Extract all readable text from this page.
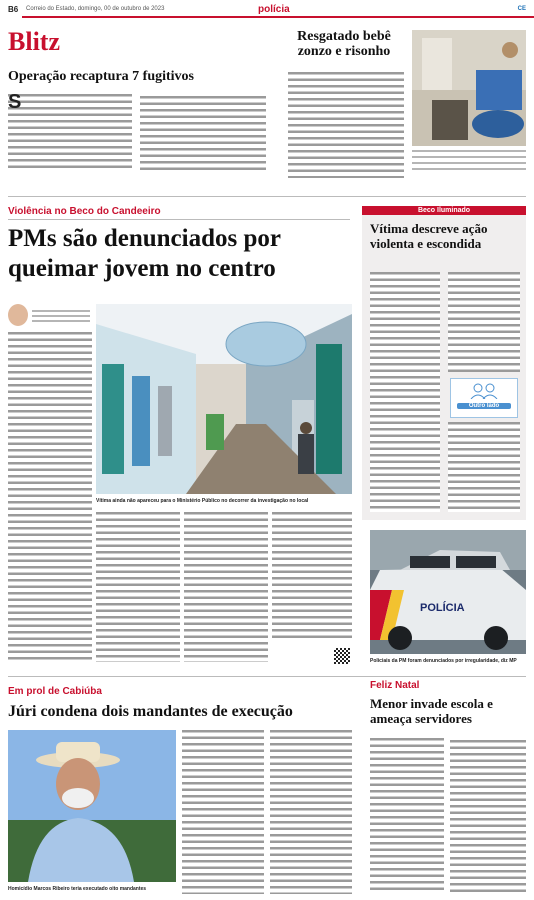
B6 Correio do Estado, domingo, 00 de outubro de 2023	polícia	CE
Blitz
Operação recaptura 7 fugitivos
S
Resgatado bebê zonzo e risonho
Violência no Beco do Candeeiro
PMs são denunciados por queimar jovem no centro
Vítima ainda não apareceu para o Ministério Público no decorrer da investigação no local
Beco Iluminado
Vítima descreve ação violenta e escondida
Outro lado
POLÍCIA
Policiais da PM foram denunciados por irregularidade, diz MP
Em prol de Cabiúba
Júri condena dois mandantes de execução
Homicídio Marcos Ribeiro teria executado oito mandantes
Feliz Natal
Menor invade escola e ameaça servidores
